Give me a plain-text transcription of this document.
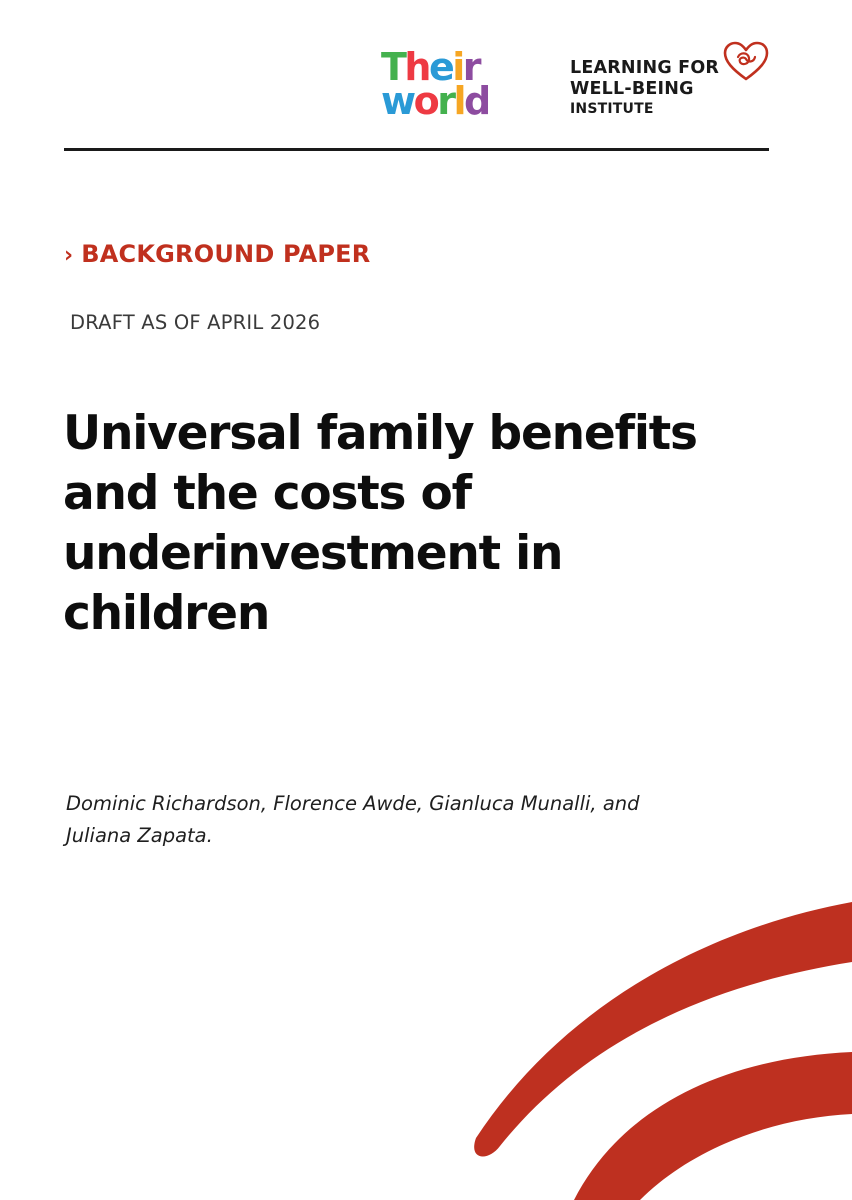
Their
world
LEARNING FOR
WELL-BEING
INSTITUTE
› BACKGROUND PAPER
DRAFT AS OF APRIL 2026
Universal family benefits
and the costs of
underinvestment in
children
Dominic Richardson, Florence Awde, Gianluca Munalli, and
Juliana Zapata.
